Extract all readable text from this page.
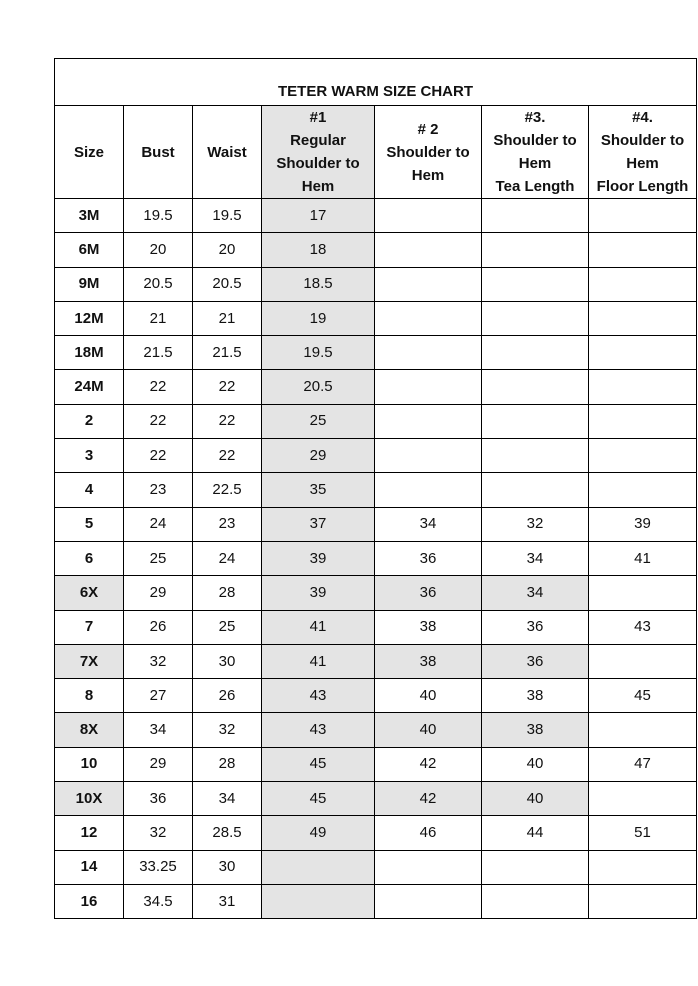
TETER WARM SIZE CHART						

Size	Bust	Waist	#1
Regular
Shoulder to
Hem	# 2
Shoulder to
Hem	#3.
Shoulder to
Hem
Tea Length	#4.
Shoulder to
Hem
Floor Length

3M	19.5	19.5	17			
6M	20	20	18			
9M	20.5	20.5	18.5			
12M	21	21	19			
18M	21.5	21.5	19.5			
24M	22	22	20.5			
2	22	22	25			
3	22	22	29			
4	23	22.5	35			
5	24	23	37	34	32	39
6	25	24	39	36	34	41
6X	29	28	39	36	34	
7	26	25	41	38	36	43
7X	32	30	41	38	36	
8	27	26	43	40	38	45
8X	34	32	43	40	38	
10	29	28	45	42	40	47
10X	36	34	45	42	40	
12	32	28.5	49	46	44	51
14	33.25	30				
16	34.5	31				
